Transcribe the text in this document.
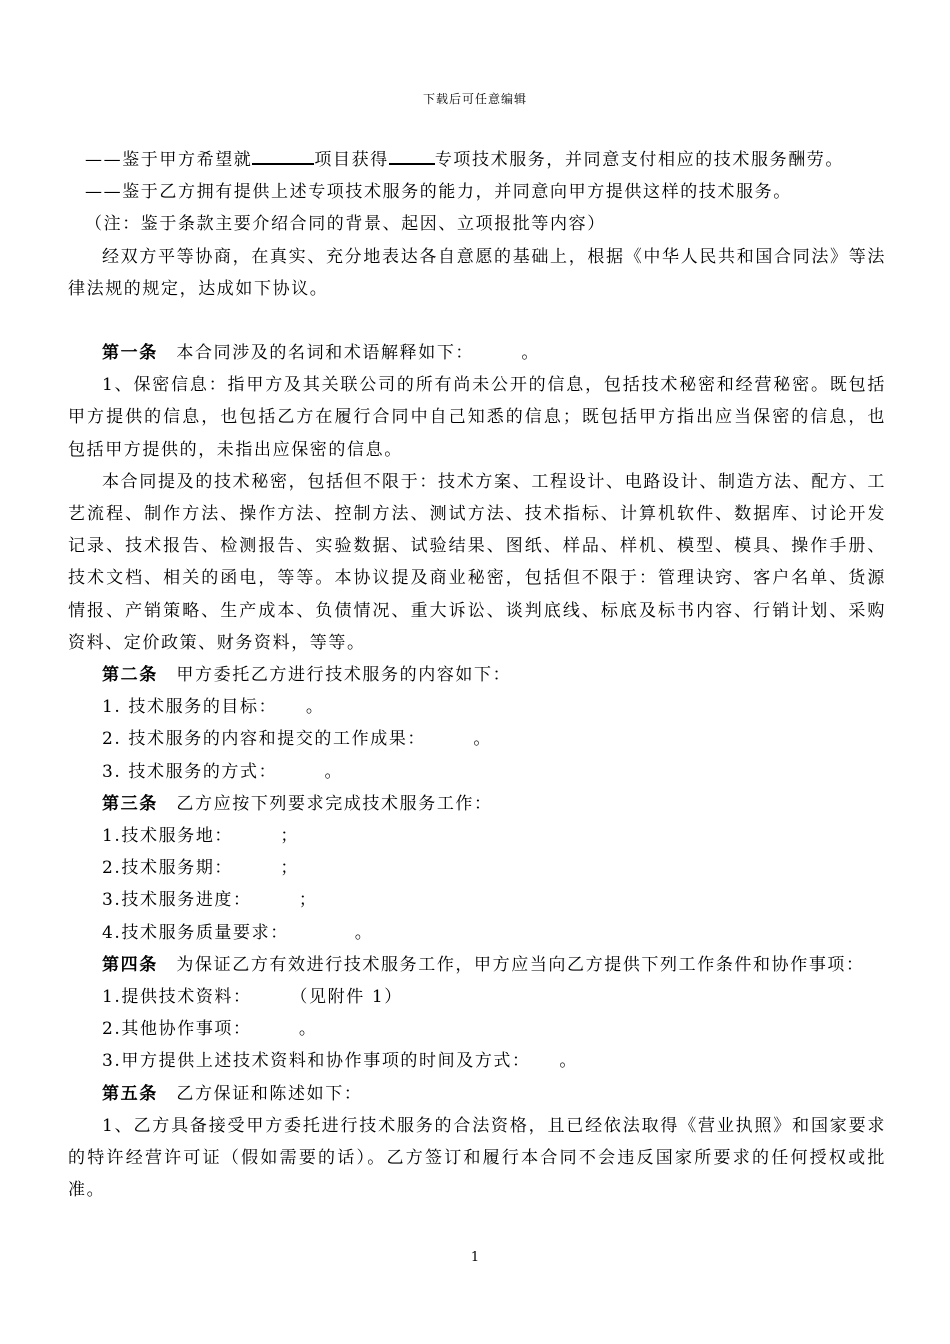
下载后可任意编辑

——鉴于甲方希望就	项目获得	专项技术服务，并同意支付相应的技术服务酬劳。

——鉴于乙方拥有提供上述专项技术服务的能力，并同意向甲方提供这样的技术服务。

（注：鉴于条款主要介绍合同的背景、起因、立项报批等内容）

经双方平等协商，在真实、充分地表达各自意愿的基础上，根据《中华人民共和国合同法》等法律法规的规定，达成如下协议。

第一条　 本合同涉及的名词和术语解释如下：　　　。

1、保密信息：指甲方及其关联公司的所有尚未公开的信息，包括技术秘密和经营秘密。既包括甲方提供的信息，也包括乙方在履行合同中自己知悉的信息；既包括甲方指出应当保密的信息，也包括甲方提供的，未指出应保密的信息。

本合同提及的技术秘密，包括但不限于：技术方案、工程设计、电路设计、制造方法、配方、工艺流程、制作方法、操作方法、控制方法、测试方法、技术指标、计算机软件、数据库、讨论开发记录、技术报告、检测报告、实验数据、试验结果、图纸、样品、样机、模型、模具、操作手册、技术文档、相关的函电，等等。本协议提及商业秘密，包括但不限于：管理诀窍、客户名单、货源情报、产销策略、生产成本、负债情况、重大诉讼、谈判底线、标底及标书内容、行销计划、采购资料、定价政策、财务资料，等等。

第二条　 甲方委托乙方进行技术服务的内容如下：

1. 技术服务的目标：　　。

2. 技术服务的内容和提交的工作成果：　　　。

3. 技术服务的方式：　　　。

第三条　 乙方应按下列要求完成技术服务工作：

1.技术服务地：　　　；

2.技术服务期：　　　；

3.技术服务进度：　　　；

4.技术服务质量要求：　　　　。

第四条　 为保证乙方有效进行技术服务工作，甲方应当向乙方提供下列工作条件和协作事项：

1.提供技术资料：　　　（见附件 1）

2.其他协作事项：　　　。

3.甲方提供上述技术资料和协作事项的时间及方式：　　。

第五条　 乙方保证和陈述如下：

1、乙方具备接受甲方委托进行技术服务的合法资格，且已经依法取得《营业执照》和国家要求的特许经营许可证（假如需要的话）。乙方签订和履行本合同不会违反国家所要求的任何授权或批准。

1
